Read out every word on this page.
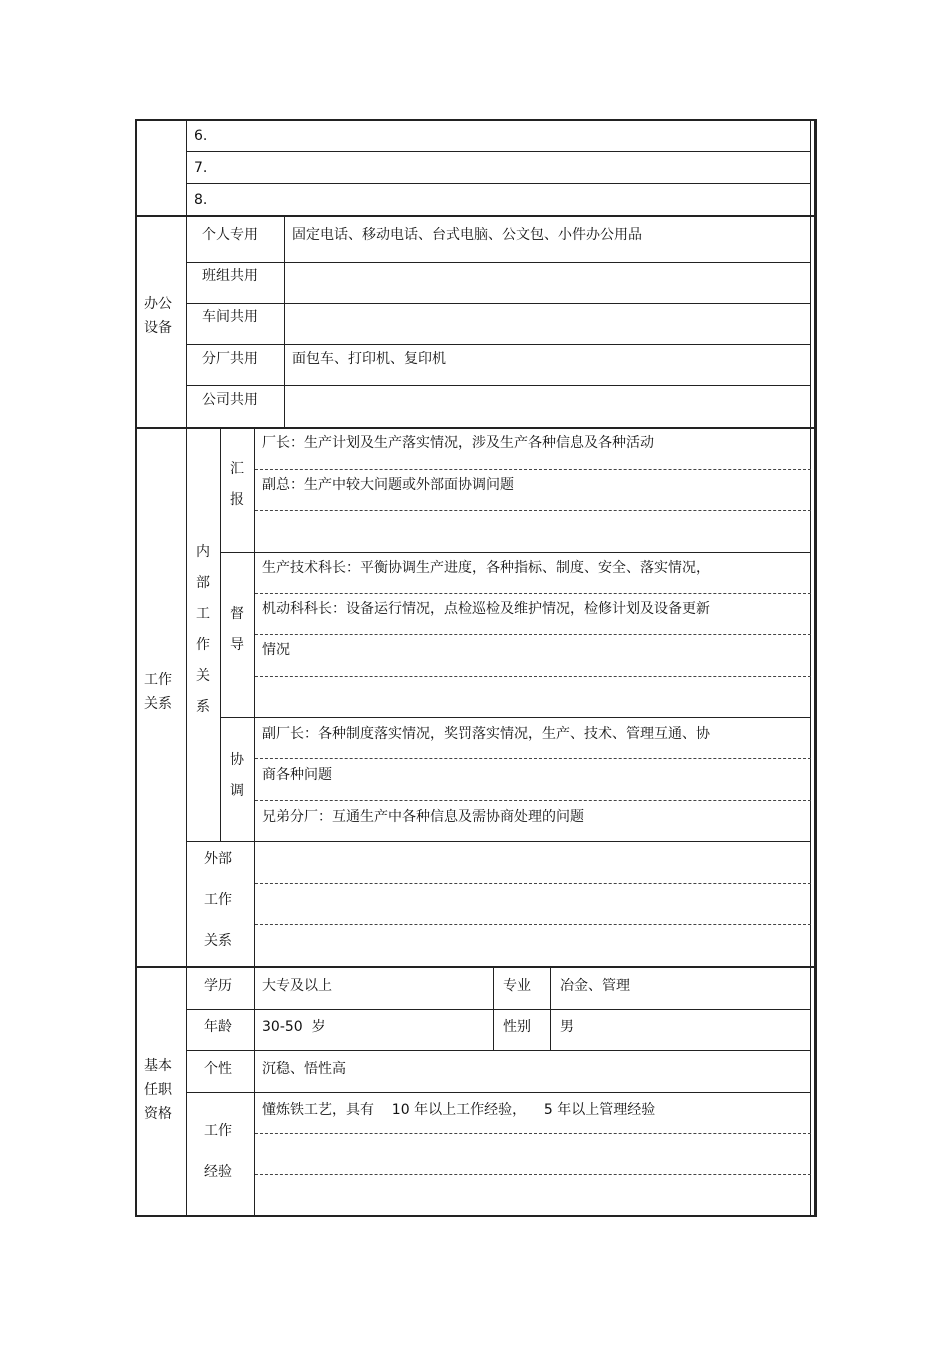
6.
7.
8.
办公设备
个人专用 固定电话、移动电话、台式电脑、公文包、小件办公用品
班组共用
车间共用
分厂共用 面包车、打印机、复印机
公司共用
工作关系
内部工作关系
汇报
厂长：生产计划及生产落实情况，涉及生产各种信息及各种活动
副总：生产中较大问题或外部面协调问题
督导
生产技术科长：平衡协调生产进度，各种指标、制度、安全、落实情况，
机动科科长：设备运行情况，点检巡检及维护情况，检修计划及设备更新
情况
协调
副厂长：各种制度落实情况，奖罚落实情况，生产、技术、管理互通、协
商各种问题
兄弟分厂：互通生产中各种信息及需协商处理的问题
外部
工作
关系
基本任职资格
学历 大专及以上	专业 冶金、管理
年龄 30-50  岁	性别 男
个性 沉稳、悟性高
工作
经验
懂炼铁工艺，具有    10 年以上工作经验，    5 年以上管理经验
